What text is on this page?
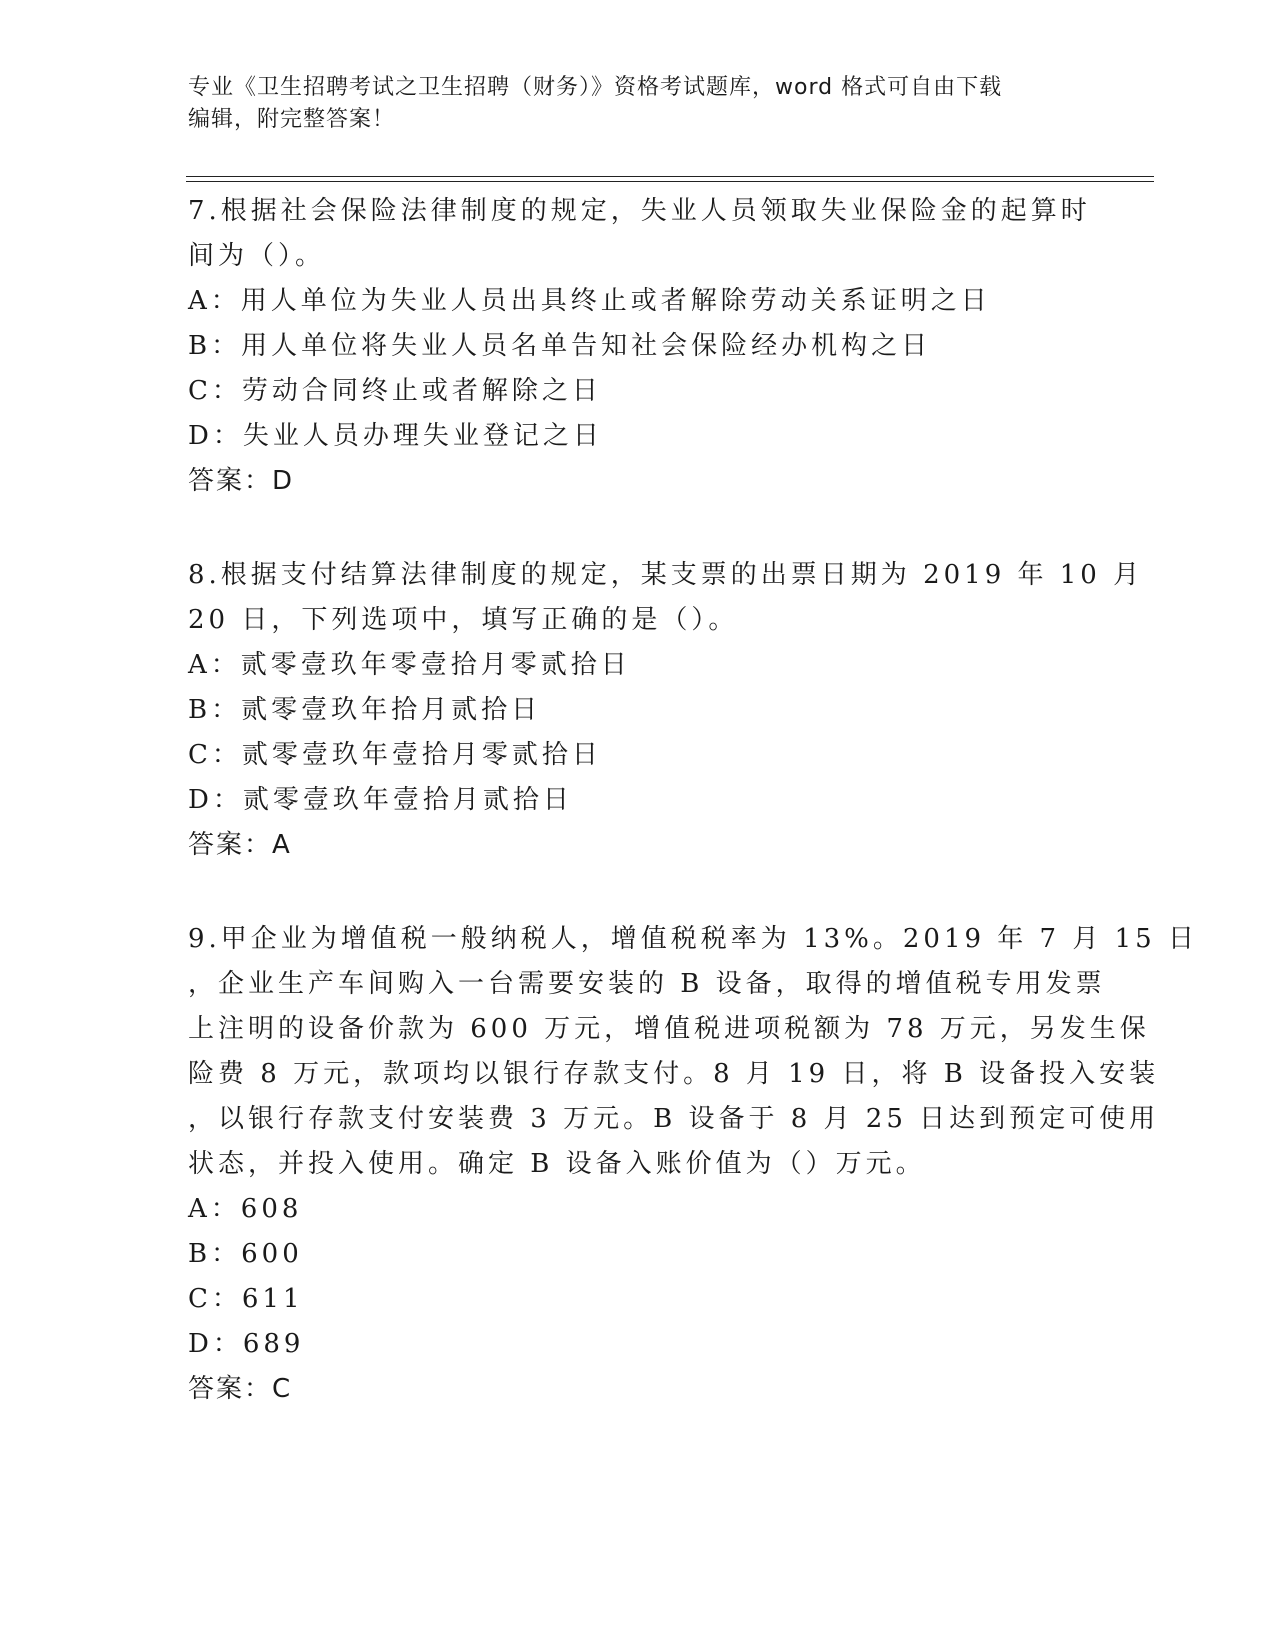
专业《卫生招聘考试之卫生招聘（财务）》资格考试题库，word 格式可自由下载

编辑，附完整答案！

7.根据社会保险法律制度的规定，失业人员领取失业保险金的起算时
间为（）。
A：用人单位为失业人员出具终止或者解除劳动关系证明之日
B：用人单位将失业人员名单告知社会保险经办机构之日
C：劳动合同终止或者解除之日
D：失业人员办理失业登记之日
答案：D
8.根据支付结算法律制度的规定，某支票的出票日期为 2019 年 10 月
20 日，下列选项中，填写正确的是（）。
A：贰零壹玖年零壹拾月零贰拾日
B：贰零壹玖年拾月贰拾日
C：贰零壹玖年壹拾月零贰拾日
D：贰零壹玖年壹拾月贰拾日
答案：A
9.甲企业为增值税一般纳税人，增值税税率为 13%。2019 年 7 月 15 日
，企业生产车间购入一台需要安装的 B 设备，取得的增值税专用发票
上注明的设备价款为 600 万元，增值税进项税额为 78 万元，另发生保
险费 8 万元，款项均以银行存款支付。8 月 19 日，将 B 设备投入安装
，以银行存款支付安装费 3 万元。B 设备于 8 月 25 日达到预定可使用
状态，并投入使用。确定 B 设备入账价值为（）万元。
A：608
B：600
C：611
D：689
答案：C
